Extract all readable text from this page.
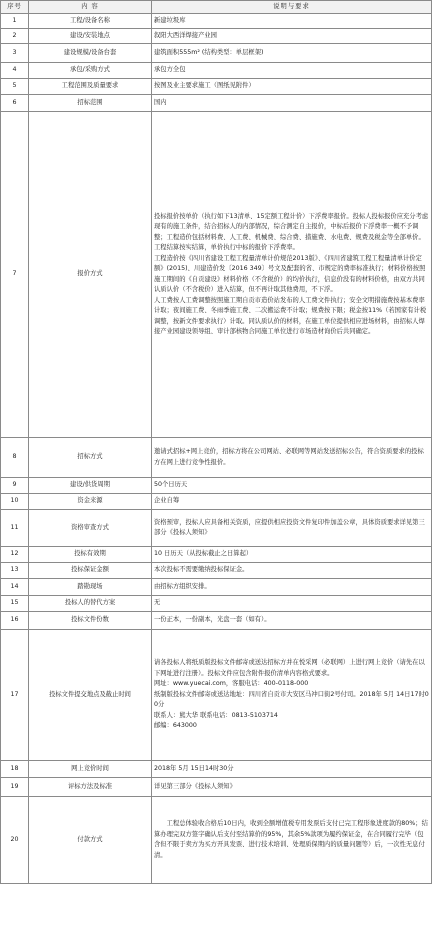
序号	内 容	说明与要求
1	工程/设备名称	新建垃圾库

2	建设/安装地点	叙阳大西洋焊接产业园

3	建设规模/设备台套	建筑面积555m² (结构类型：单层框架)

4	承包/采购方式	承包方全包

5	工程范围及质量要求	按图及业主要求施工（图纸见附件）

6	招标范围	国内

7	报价方式	投标报价按单价（执行如下13清单、15定额工程计价）下浮费率报价。投标人投标报价应充分考虑现有的施工条件，结合招标人的内部情况，综合测定自主报价，中标后报价下浮费率一概不予调整；工程造价包括材料费、人工费、机械费、综合费、措施费、水电费、规费及税金等全部单价。工程结算按实结算，单价执行中标的报价下浮费率。

工程造价按《四川省建设工程工程量清单计价规范2013版》、《四川省建筑工程工程量清单计价定额》(2015)、川建造价发〔2016 349〕号文及配套的省、市规定的费率标准执行；材料价格按照施工期间的《自贡建设》材料价格（不含税价）的均价执行，信息价没有的材料价格，由双方共同认质认价（不含税价）进入结算，但不再计取其他费用，不下浮。

人工费按人工费调整按照施工期自贡市造价站发布的人工费文件执行；安全文明措施费按基本费率计取；夜间施工费、冬雨季施工费、二次搬运费不计取；规费按下限；税金按11%（若国家有计税调整，按新文件要求执行）计取。同认质认价的材料，在施工单位提供相应进场材料，由招标人焊接产业园建设领导组、审计部核物合同施工单位进行市场造材询价后共同确定。

8	招标方式	邀请式招标+网上竞价，招标方将在公司网站、必联网等网站发送招标公告，符合资质要求的投标方在网上进行竞争性报价。

9	建设/供货周期	50个日历天

10	资金来源	企业自筹

11	资格审查方式	资格预审，投标人应具备相关资质，应提供相应投资文件复印件加盖公章，具体资质要求详见第三部分《投标人须知》

12	投标有效期	10 日历天（从投标截止之日算起）

13	投标保证金额	本次投标不需要缴纳投标保证金。

14	踏勘现场	由招标方组织安排。

15	投标人的替代方案	无

16	投标文件份数	一份正本，一份副本，光盘一套（如有）。

17	投标文件提交地点及截止时间	请各投标人将纸质版投标文件邮寄或送达招标方并在悦采网（必联网）上进行网上竞价（请先在以下网址进行注册）。投标文件应包含附件报价清单内容格式要求。

网址：www.yuecai.com，客服电话：400-0118-000

纸制版投标文件邮寄或送达地址：四川省自贡市大安区马冲口街2号付司。2018年 5月 14日17时00分

联系人：熊大华 联系电话：0813-5103714

邮编：643000

18	网上竞价时间	2018年 5月 15日14时30分

19	评标方法及标准	详见第三部分《投标人须知》

20	付款方式	工程总体验收合格后10日内，收到全额增值税专用发票后支付已完工程形象进度款的80%；结算办理完双方签字确认后支付至结算价的95%，其余5%款项为履约保证金，在合同履行完毕（包含但不限于卖方为买方开具发票、进行技术培训、处理质保期内的质量问题等）后，一次性无息付清。
